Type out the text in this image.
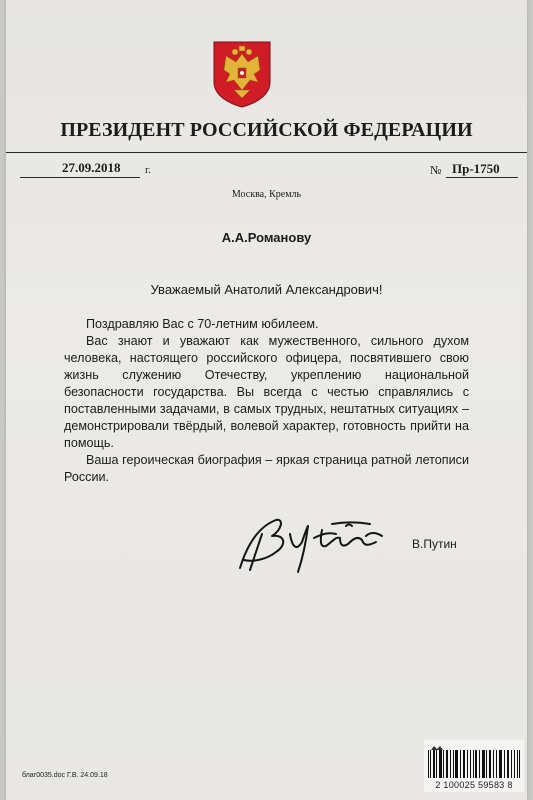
ПРЕЗИДЕНТ РОССИЙСКОЙ ФЕДЕРАЦИИ
27.09.2018 г.	№ Пр-1750
Москва, Кремль
А.А.Романову
Уважаемый Анатолий Александрович!

Поздравляю Вас с 70-летним юбилеем.

Вас знают и уважают как мужественного, сильного духом человека, настоящего российского офицера, посвятившего свою жизнь служению Отечеству, укреплению национальной безопасности государства. Вы всегда с честью справлялись с поставленными задачами, в самых трудных, нештатных ситуациях – демонстрировали твёрдый, волевой характер, готовность прийти на помощь.

Ваша героическая биография – яркая страница ратной летописи России.

В.Путин
благ0035.doc Г.В. 24.09.18
2 100025 59583 8
